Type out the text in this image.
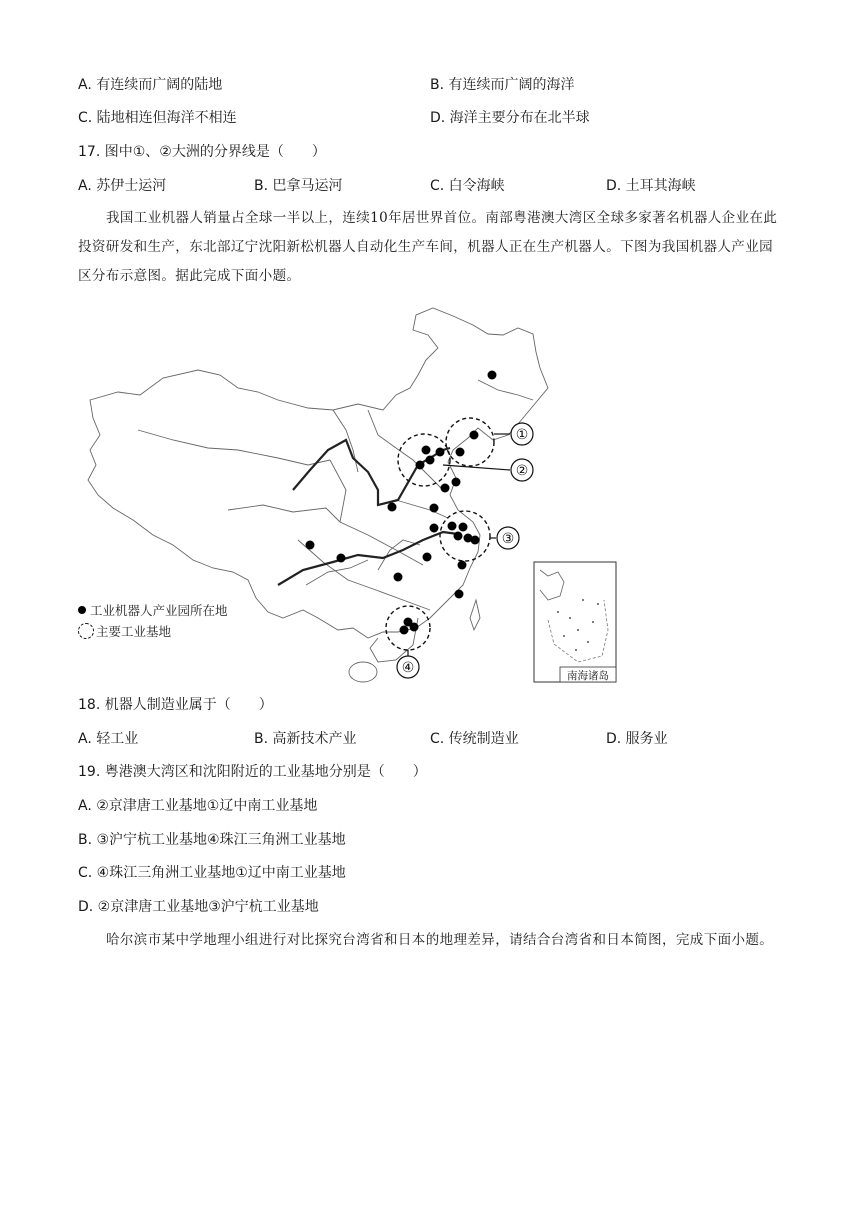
A. 有连续而广阔的陆地	B. 有连续而广阔的海洋
C. 陆地相连但海洋不相连	D. 海洋主要分布在北半球
17. 图中①、②大洲的分界线是（　　）
A. 苏伊士运河	B. 巴拿马运河	C. 白令海峡	D. 土耳其海峡
我国工业机器人销量占全球一半以上，连续10年居世界首位。南部粤港澳大湾区全球多家著名机器人企业在此投资研发和生产，东北部辽宁沈阳新松机器人自动化生产车间，机器人正在生产机器人。下图为我国机器人产业园区分布示意图。据此完成下面小题。
①
②
③
④	南海诸岛
工业机器人产业园所在地
主要工业基地
18. 机器人制造业属于（　　）
A. 轻工业	B. 高新技术产业	C. 传统制造业	D. 服务业
19. 粤港澳大湾区和沈阳附近的工业基地分别是（　　）
A. ②京津唐工业基地①辽中南工业基地
B. ③沪宁杭工业基地④珠江三角洲工业基地
C. ④珠江三角洲工业基地①辽中南工业基地
D. ②京津唐工业基地③沪宁杭工业基地
哈尔滨市某中学地理小组进行对比探究台湾省和日本的地理差异，请结合台湾省和日本简图，完成下面小题。
